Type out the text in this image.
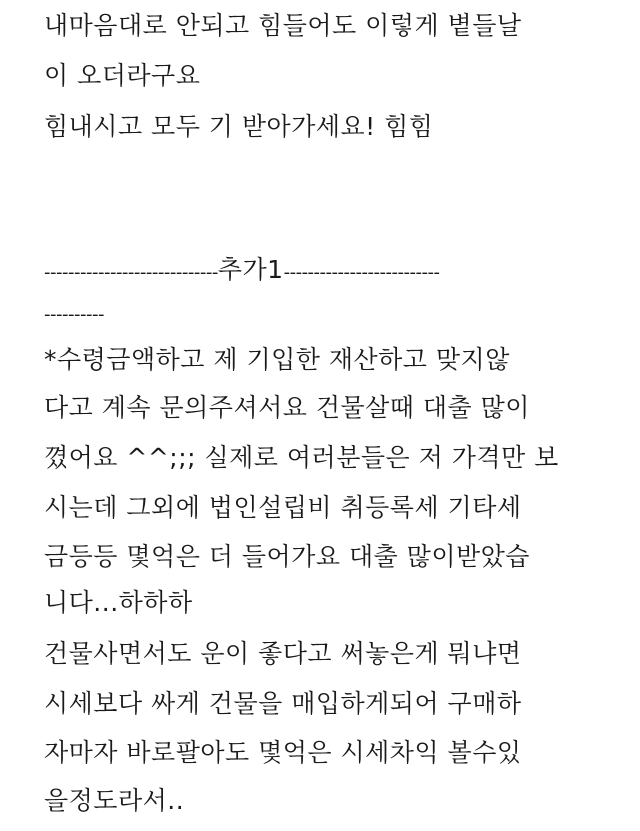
내마음대로 안되고 힘들어도 이렇게 볕들날
이 오더라구요
힘내시고 모두 기 받아가세요! 힘힘
-----------------------------추가1--------------------------
----------
*수령금액하고 제 기입한 재산하고 맞지않
다고 계속 문의주셔서요 건물살때 대출 많이
꼈어요 ^^;;; 실제로 여러분들은 저 가격만 보
시는데 그외에 법인설립비 취등록세 기타세
금등등 몇억은 더 들어가요 대출 많이받았습
니다...하하하
건물사면서도 운이 좋다고 써놓은게 뭐냐면
시세보다 싸게 건물을 매입하게되어 구매하
자마자 바로팔아도 몇억은 시세차익 볼수있
을정도라서..
